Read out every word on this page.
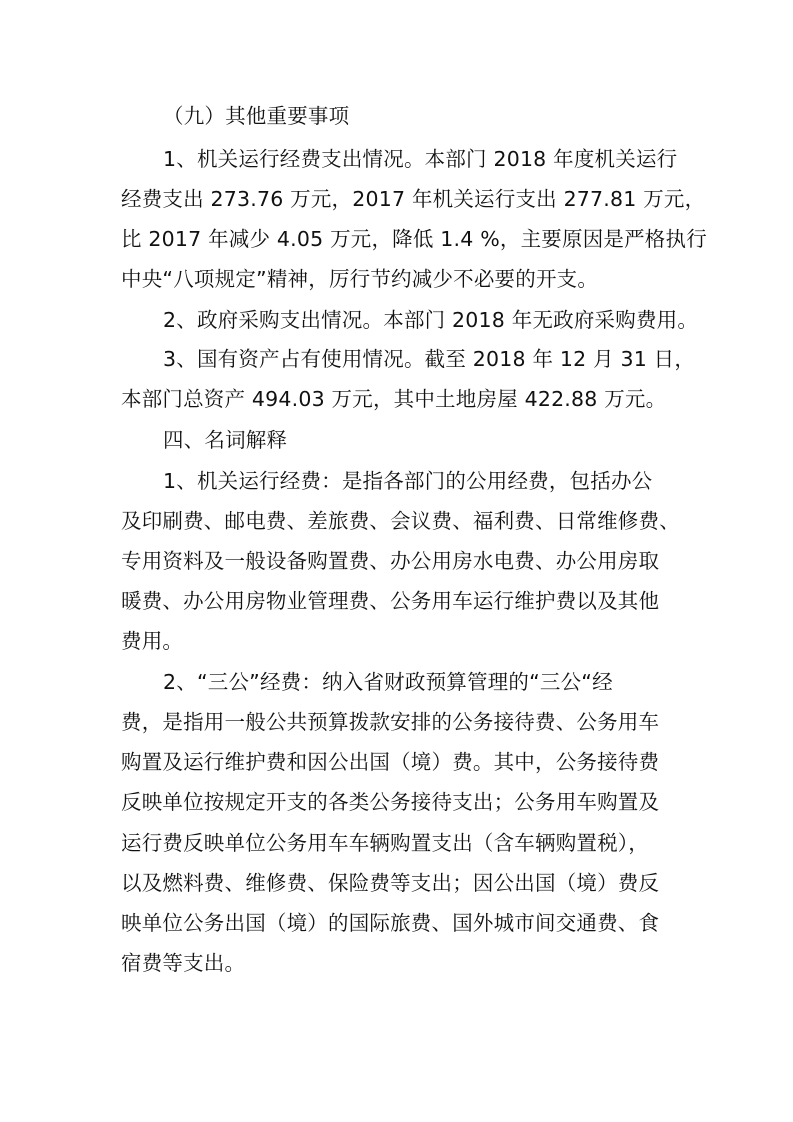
（九）其他重要事项
1、机关运行经费支出情况。本部门 2018 年度机关运行
经费支出 273.76 万元，2017 年机关运行支出 277.81 万元，
比 2017 年减少 4.05 万元，降低 1.4 %，主要原因是严格执行
中央“八项规定”精神，厉行节约减少不必要的开支。
2、政府采购支出情况。本部门 2018 年无政府采购费用。
3、国有资产占有使用情况。截至 2018 年 12 月 31 日，
本部门总资产 494.03 万元，其中土地房屋 422.88 万元。
四、名词解释
1、机关运行经费：是指各部门的公用经费，包括办公
及印刷费、邮电费、差旅费、会议费、福利费、日常维修费、
专用资料及一般设备购置费、办公用房水电费、办公用房取
暖费、办公用房物业管理费、公务用车运行维护费以及其他
费用。
2、“三公”经费：纳入省财政预算管理的“三公“经
费，是指用一般公共预算拨款安排的公务接待费、公务用车
购置及运行维护费和因公出国（境）费。其中，公务接待费
反映单位按规定开支的各类公务接待支出；公务用车购置及
运行费反映单位公务用车车辆购置支出（含车辆购置税），
以及燃料费、维修费、保险费等支出；因公出国（境）费反
映单位公务出国（境）的国际旅费、国外城市间交通费、食
宿费等支出。
